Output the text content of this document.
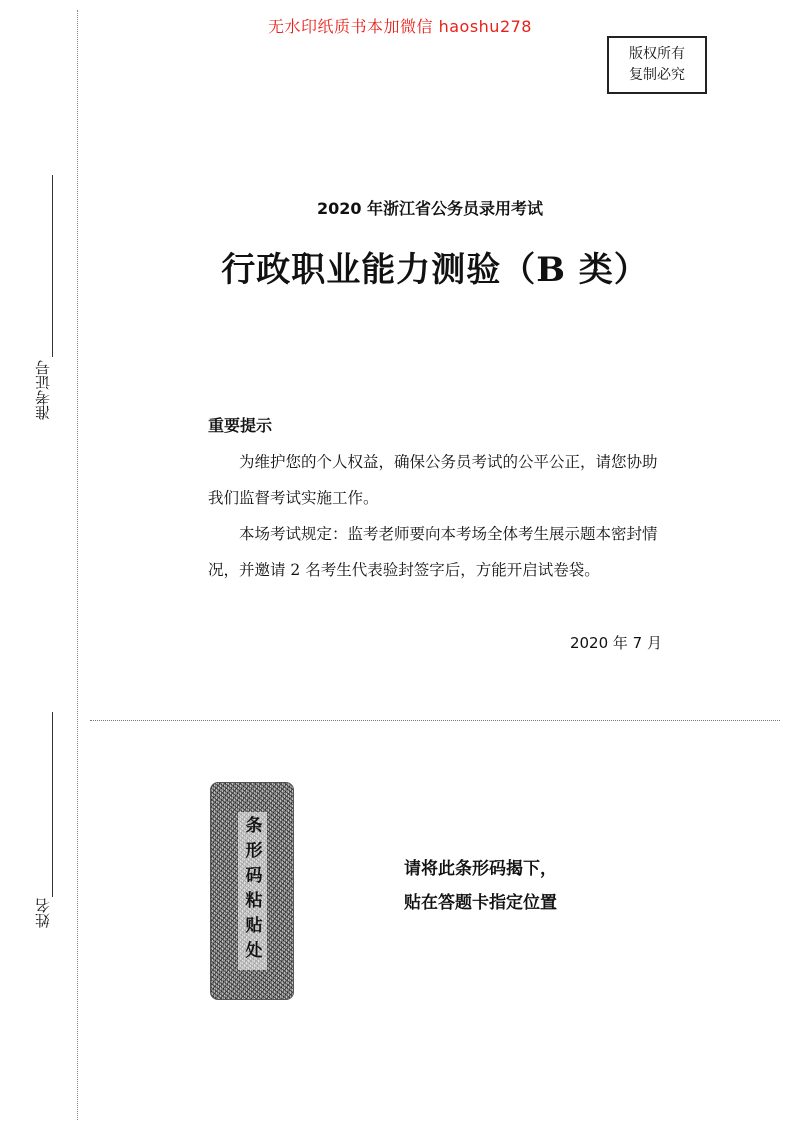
无水印纸质书本加微信 haoshu278
版权所有
复制必究
准考证号
姓名
2020 年浙江省公务员录用考试
行政职业能力测验（B 类）
重要提示
为维护您的个人权益，确保公务员考试的公平公正，请您协助我们监督考试实施工作。
本场考试规定：监考老师要向本考场全体考生展示题本密封情况，并邀请 2 名考生代表验封签字后，方能开启试卷袋。
2020 年 7 月
条形码粘贴处	请将此条形码揭下，
贴在答题卡指定位置
